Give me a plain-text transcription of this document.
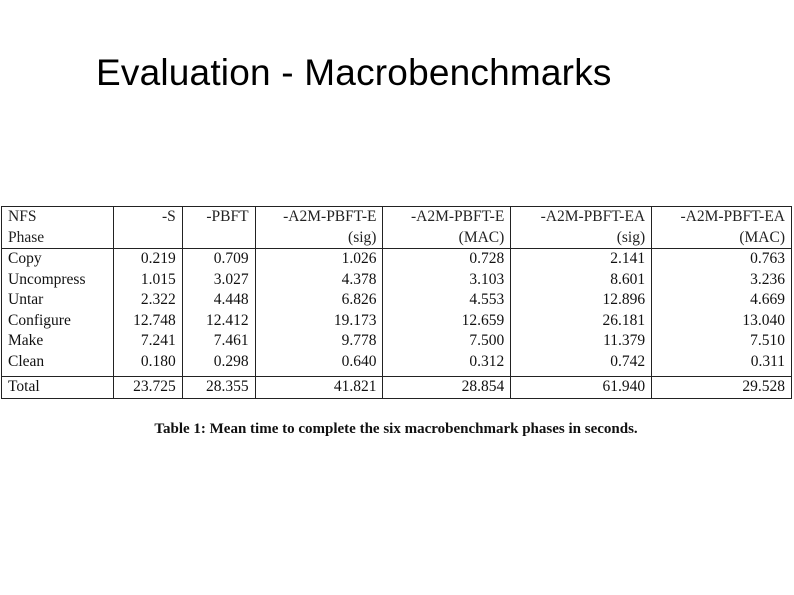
Evaluation - Macrobenchmarks
NFS	-S	-PBFT	-A2M-PBFT-E	-A2M-PBFT-E	-A2M-PBFT-EA	-A2M-PBFT-EA
Phase			(sig)	(MAC)	(sig)	(MAC)
Copy	0.219	0.709	1.026	0.728	2.141	0.763
Uncompress	1.015	3.027	4.378	3.103	8.601	3.236
Untar	2.322	4.448	6.826	4.553	12.896	4.669
Configure	12.748	12.412	19.173	12.659	26.181	13.040
Make	7.241	7.461	9.778	7.500	11.379	7.510
Clean	0.180	0.298	0.640	0.312	0.742	0.311

Total	23.725	28.355	41.821	28.854	61.940	29.528
Table 1: Mean time to complete the six macrobenchmark phases in seconds.
